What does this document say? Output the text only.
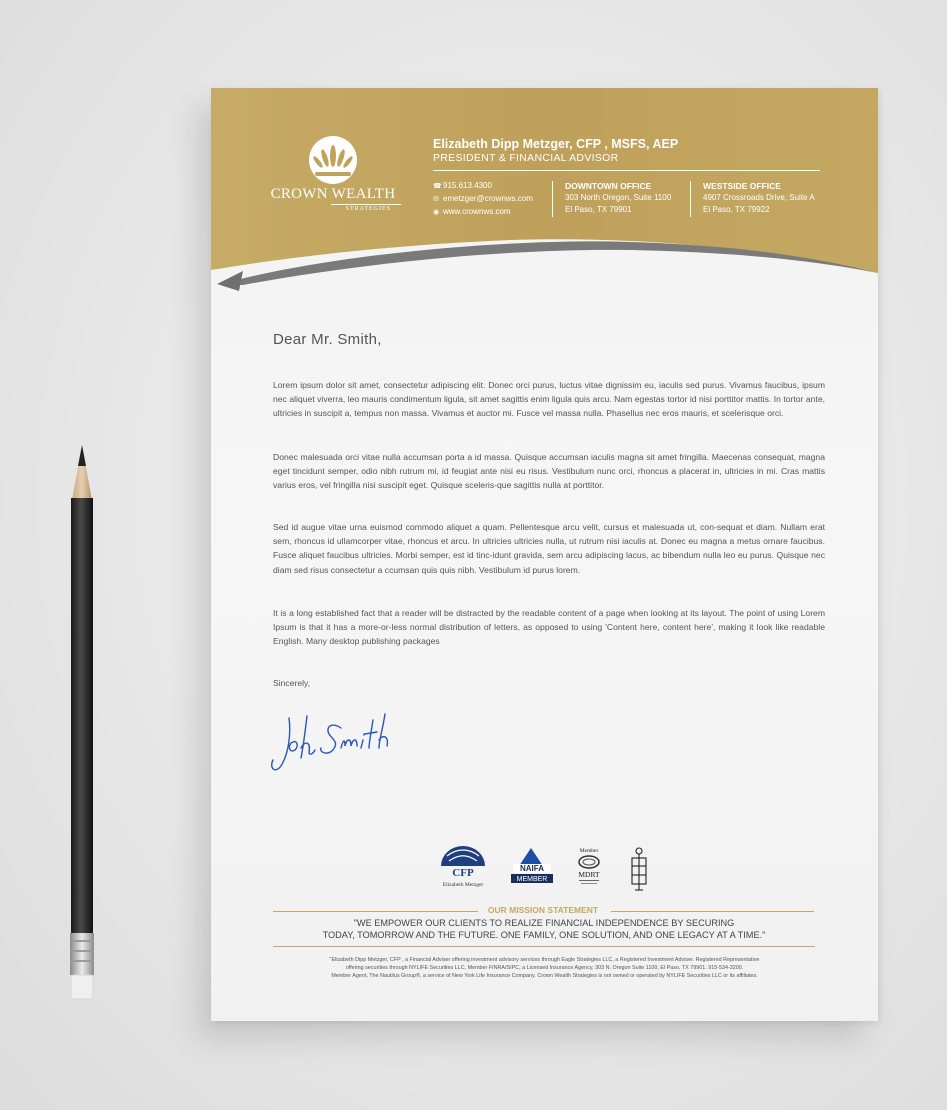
CROWN WEALTH
STRATEGIES
Elizabeth Dipp Metzger, CFP , MSFS, AEP
PRESIDENT & FINANCIAL ADVISOR
☎915.613.4300
✉ emetzger@crownws.com
◉ www.crownws.com
DOWNTOWN OFFICE
303 North Oregon, Suite 1100
El Paso, TX 79901
WESTSIDE OFFICE
4907 Crossroads Drive, Suite A
El Paso, TX 79922
Dear Mr. Smith,
Lorem ipsum dolor sit amet, consectetur adipiscing elit. Donec orci purus, luctus vitae dignissim eu, iaculis sed purus. Vivamus faucibus, ipsum nec aliquet viverra, leo mauris condimentum ligula, sit amet sagittis enim ligula quis arcu. Nam egestas tortor id nisi porttitor mattis. In tortor ante, ultricies in suscipit a, tempus non massa. Vivamus et auctor mi. Fusce vel massa nulla. Phasellus nec eros mauris, et scelerisque orci.
Donec malesuada orci vitae nulla accumsan porta a id massa. Quisque accumsan iaculis magna sit amet fringilla. Maecenas consequat, magna eget tincidunt semper, odio nibh rutrum mi, id feugiat ante nisi eu risus. Vestibulum nunc orci, rhoncus a placerat in, ultricies in mi. Cras mattis varius eros, vel fringilla nisi suscipit eget. Quisque sceleris-que sagittis nulla at porttitor.
Sed id augue vitae urna euismod commodo aliquet a quam. Pellentesque arcu velit, cursus et malesuada ut, con-sequat et diam. Nullam erat sem, rhoncus id ullamcorper vitae, rhoncus et arcu. In ultricies ultricies nulla, ut rutrum nisi iaculis at. Donec eu magna a metus ornare faucibus. Fusce aliquet faucibus ultricies. Morbi semper, est id tinc-idunt gravida, sem arcu adipiscing lacus, ac bibendum nulla leo eu purus. Quisque nec diam sed risus consectetur a ccumsan quis quis nibh. Vestibulum id purus lorem.
It is a long established fact that a reader will be distracted by the readable content of a page when looking at its layout. The point of using Lorem Ipsum is that it has a more-or-less normal distribution of letters, as opposed to using 'Content here, content here', making it look like readable English. Many desktop publishing packages
Sincerely,
CFP
Elizabeth Metzger
NAIFA
MEMBER
Member
MDRT
OUR MISSION STATEMENT
"WE EMPOWER OUR CLIENTS TO REALIZE FINANCIAL INDEPENDENCE BY SECURING
TODAY, TOMORROW AND THE FUTURE. ONE FAMILY, ONE SOLUTION, AND ONE LEGACY AT A TIME."
"Elizabeth Dipp Metzger, CFP , a Financial Adviser offering investment advisory services through Eagle Strategies LLC, a Registered Investment Adviser. Registered Representative
offering securities through NYLIFE Securities LLC, Member FINRA/SIPC, a Licensed Insurance Agency, 303 N. Oregon Suite 1100, El Paso, TX 79901. 915-534-3200.
Member Agent, The Nautilus Group®, a service of New York Life Insurance Company. Crown Wealth Strategies is not owned or operated by NYLIFE Securities LLC or its affiliates.
